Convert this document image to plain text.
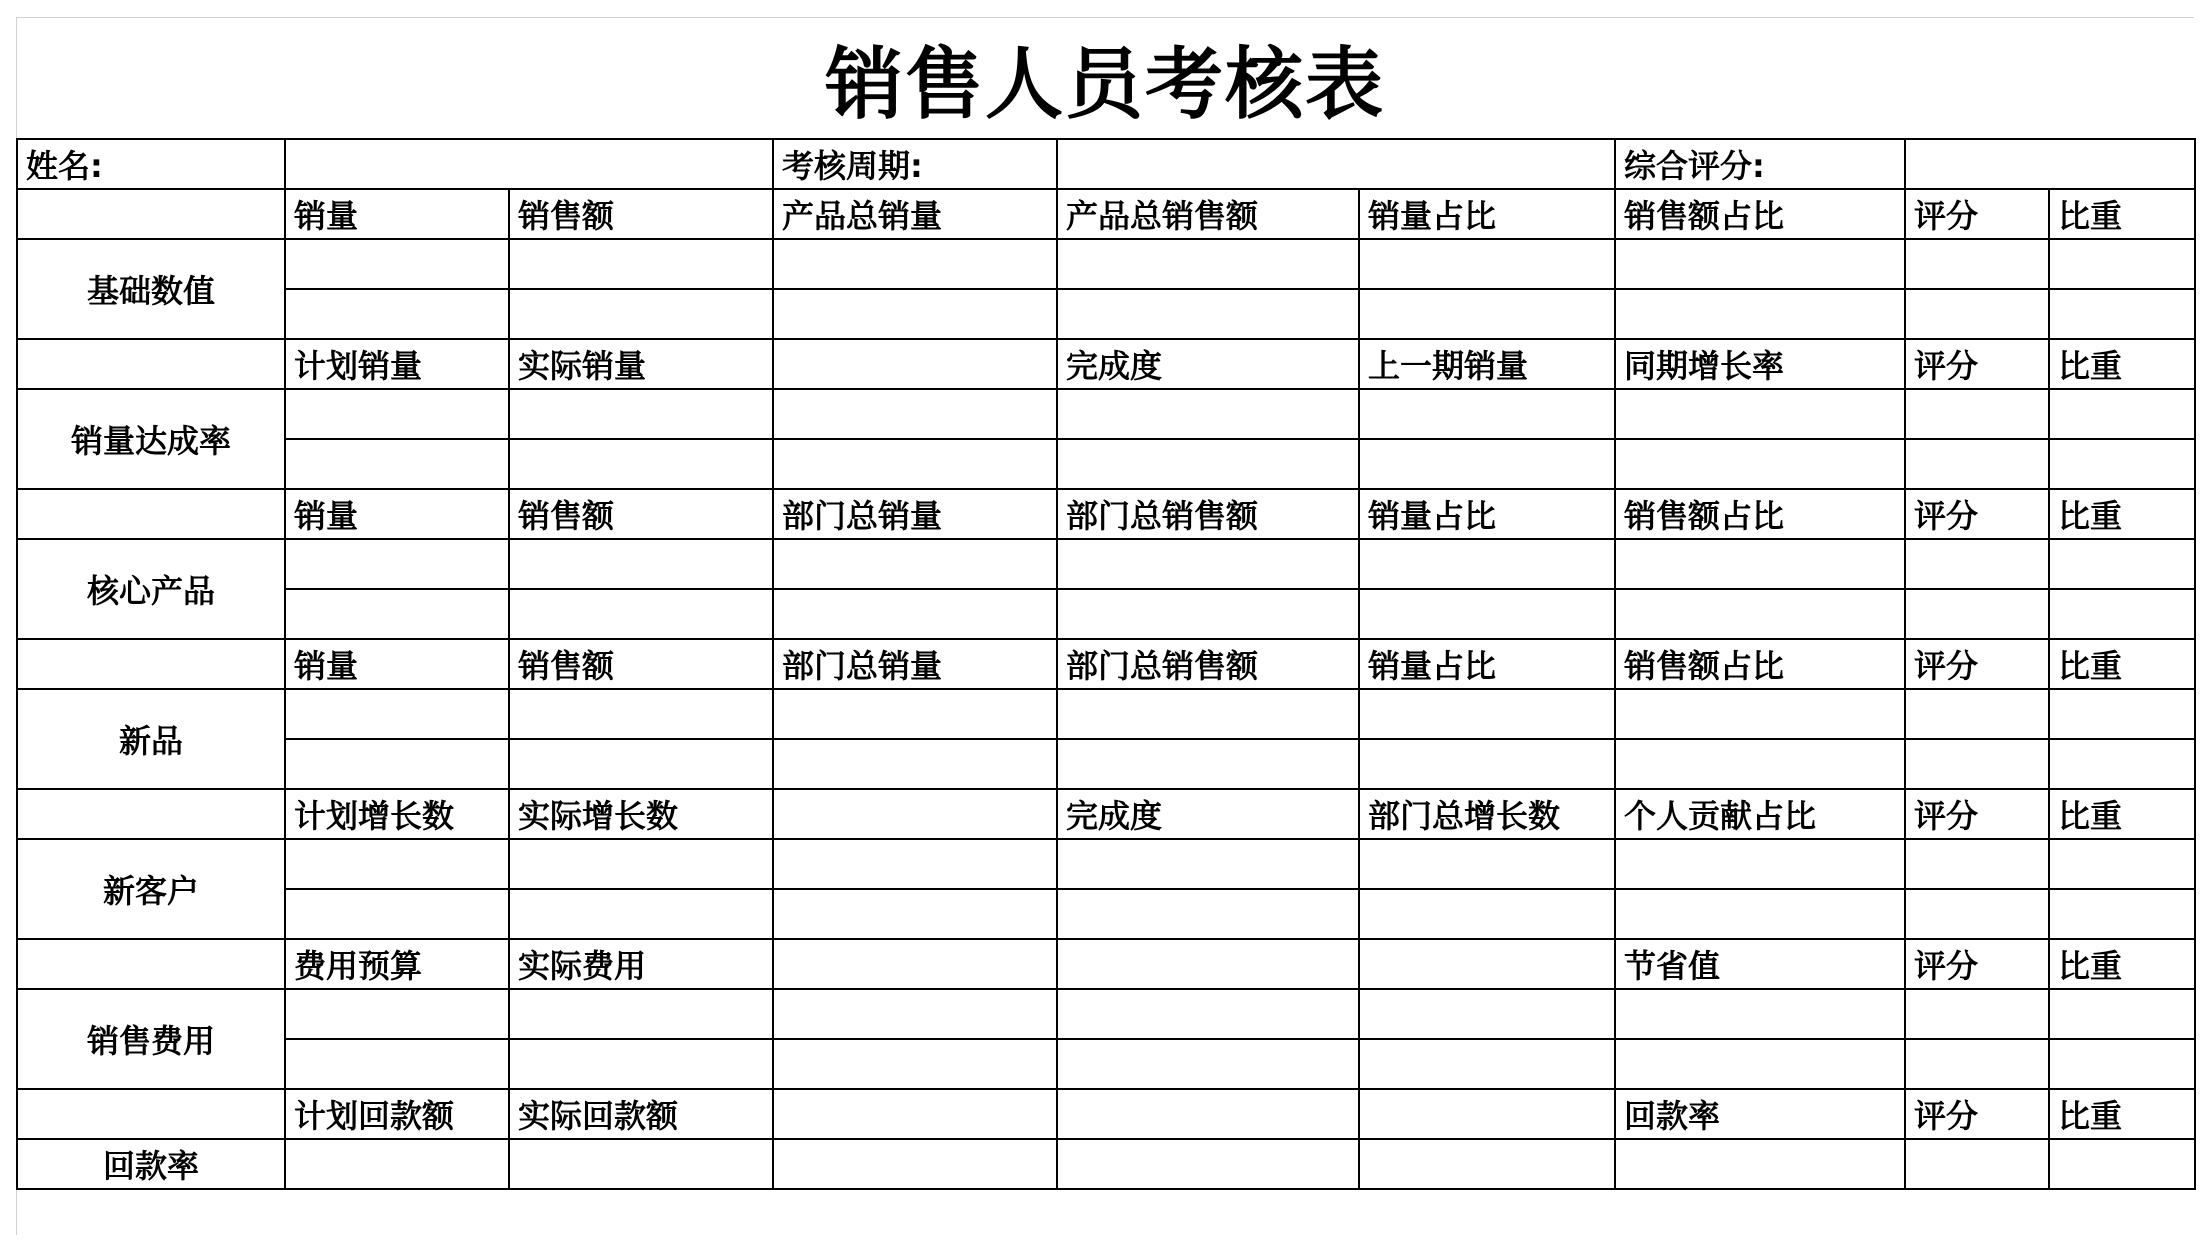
销售人员考核表
姓名:			考核周期:			综合评分:		
	销量	销售额	产品总销量	产品总销售额	销量占比	销售额占比	评分	比重
基础数值								

	计划销量	实际销量		完成度	上一期销量	同期增长率	评分	比重
销量达成率								

	销量	销售额	部门总销量	部门总销售额	销量占比	销售额占比	评分	比重
核心产品								

	销量	销售额	部门总销量	部门总销售额	销量占比	销售额占比	评分	比重
新品								

	计划增长数	实际增长数		完成度	部门总增长数	个人贡献占比	评分	比重
新客户								

	费用预算	实际费用				节省值	评分	比重
销售费用								

	计划回款额	实际回款额				回款率	评分	比重
回款率								
